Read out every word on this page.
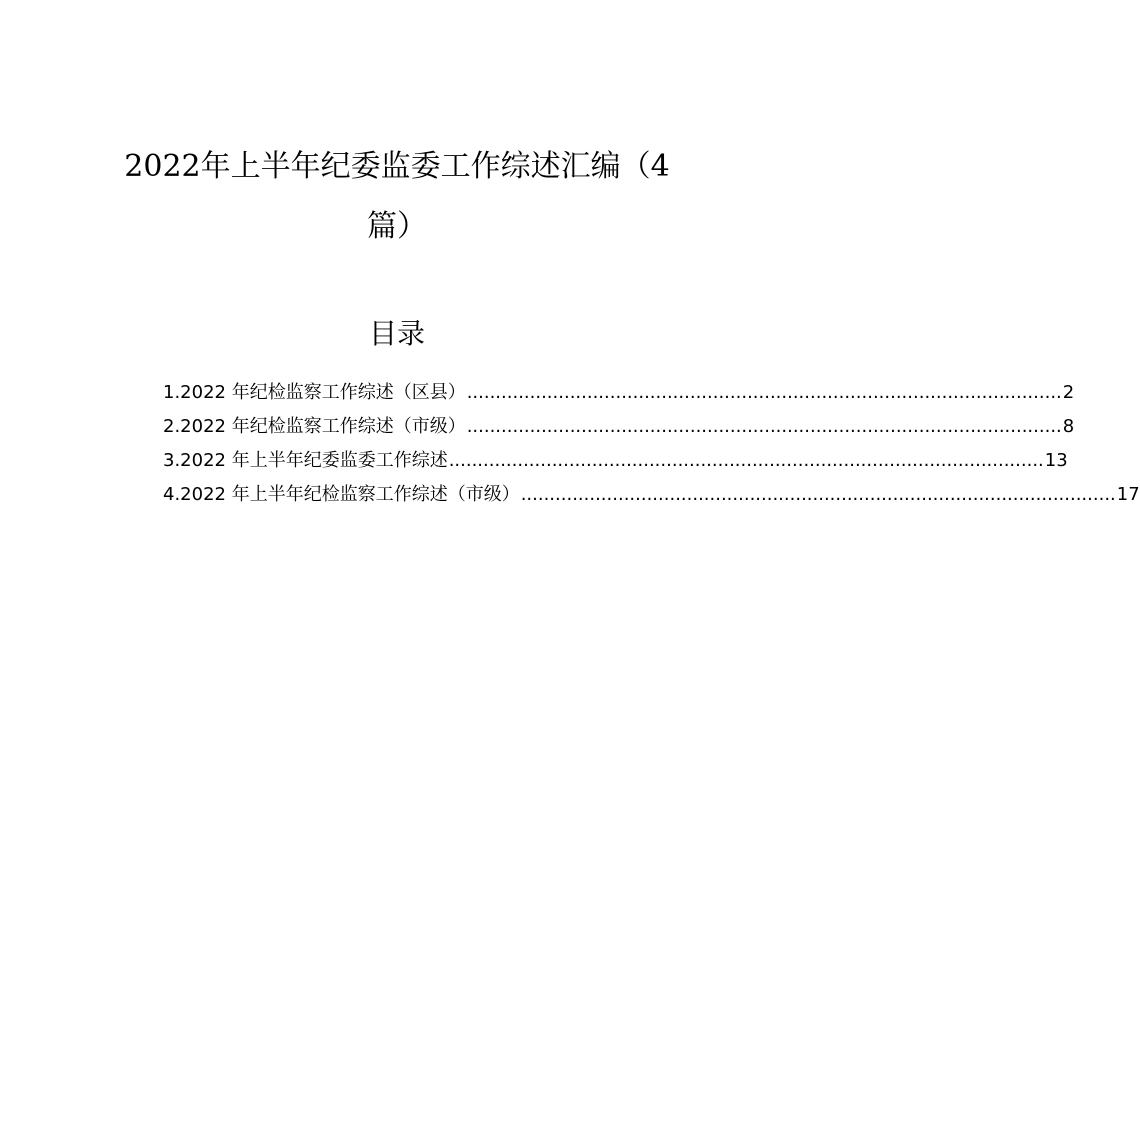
2022年上半年纪委监委工作综述汇编（4
篇）
目录
1.2022 年纪检监察工作综述（区县） ........................................................................................................ 2
2.2022 年纪检监察工作综述（市级） ........................................................................................................ 8
3.2022 年上半年纪委监委工作综述 ........................................................................................................ 13
4.2022 年上半年纪检监察工作综述（市级） ........................................................................................................ 17
